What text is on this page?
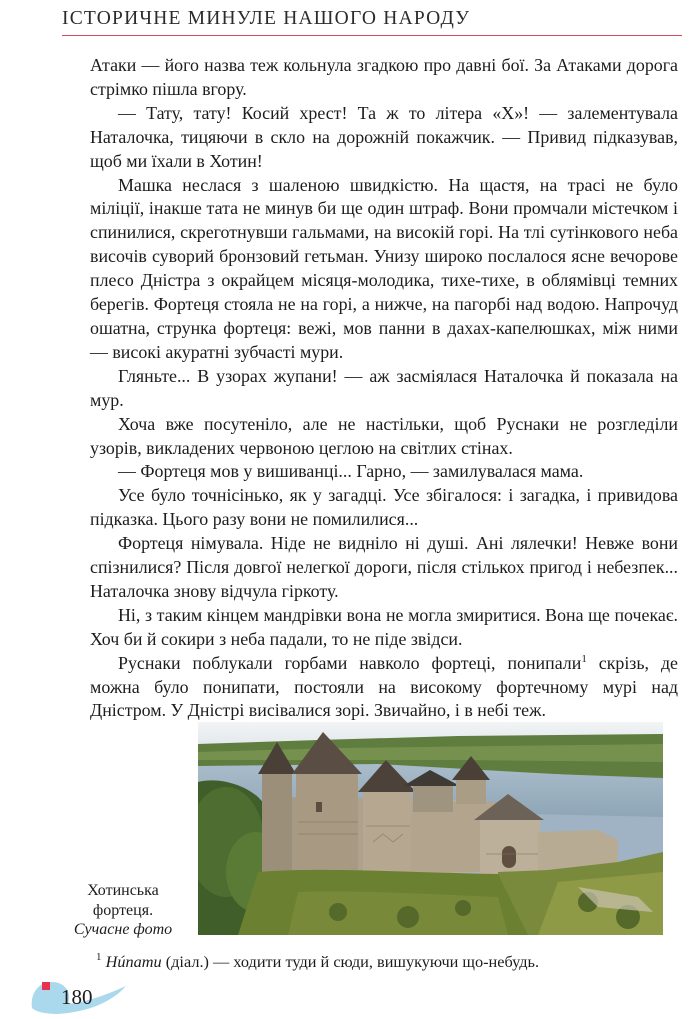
ІСТОРИЧНЕ МИНУЛЕ НАШОГО НАРОДУ

Атаки — його назва теж кольнула згадкою про давні бої. За Атаками дорога стрімко пішла вгору.

— Тату, тату! Косий хрест! Та ж то літера «Х»! — залементувала Наталочка, тицяючи в скло на дорожній покажчик. — Привид підказував, щоб ми їхали в Хотин!

Машка неслася з шаленою швидкістю. На щастя, на трасі не було міліції, інакше тата не минув би ще один штраф. Вони промчали містечком і спинилися, скреготнувши гальмами, на високій горі. На тлі сутінкового неба височів суворий бронзовий гетьман. Унизу широко послалося ясне вечорове плесо Дністра з окрайцем місяця-молодика, тихе-тихе, в облямівці темних берегів. Фортеця стояла не на горі, а нижче, на пагорбі над водою. Напрочуд ошатна, струнка фортеця: вежі, мов панни в дахах-капелюшках, між ними — високі акуратні зубчасті мури.

Гляньте... В узорах жупани! — аж засміялася Наталочка й показала на мур.

Хоча вже посутеніло, але не настільки, щоб Руснаки не розгледіли узорів, викладених червоною цеглою на світлих стінах.

— Фортеця мов у вишиванці... Гарно, — замилувалася мама.

Усе було точнісінько, як у загадці. Усе збігалося: і загадка, і привидова підказка. Цього разу вони не помилилися...

Фортеця німувала. Ніде не видніло ні душі. Ані лялечки! Невже вони спізнилися? Після довгої нелегкої дороги, після стількох пригод і небезпек... Наталочка знову відчула гіркоту.

Ні, з таким кінцем мандрівки вона не могла змиритися. Вона ще почекає. Хоч би й сокири з неба падали, то не піде звідси.

Руснаки поблукали горбами навколо фортеці, понипали$^1$ скрізь, де можна було понипати, постояли на високому фортечному мурі над Дністром. У Дністрі висівалися зорі. Звичайно, і в небі теж.

Хотинська
фортеця.
Сучасне фото
$^1$ Нúпати (діал.) — ходити туди й сюди, вишукуючи що-небудь.
180
